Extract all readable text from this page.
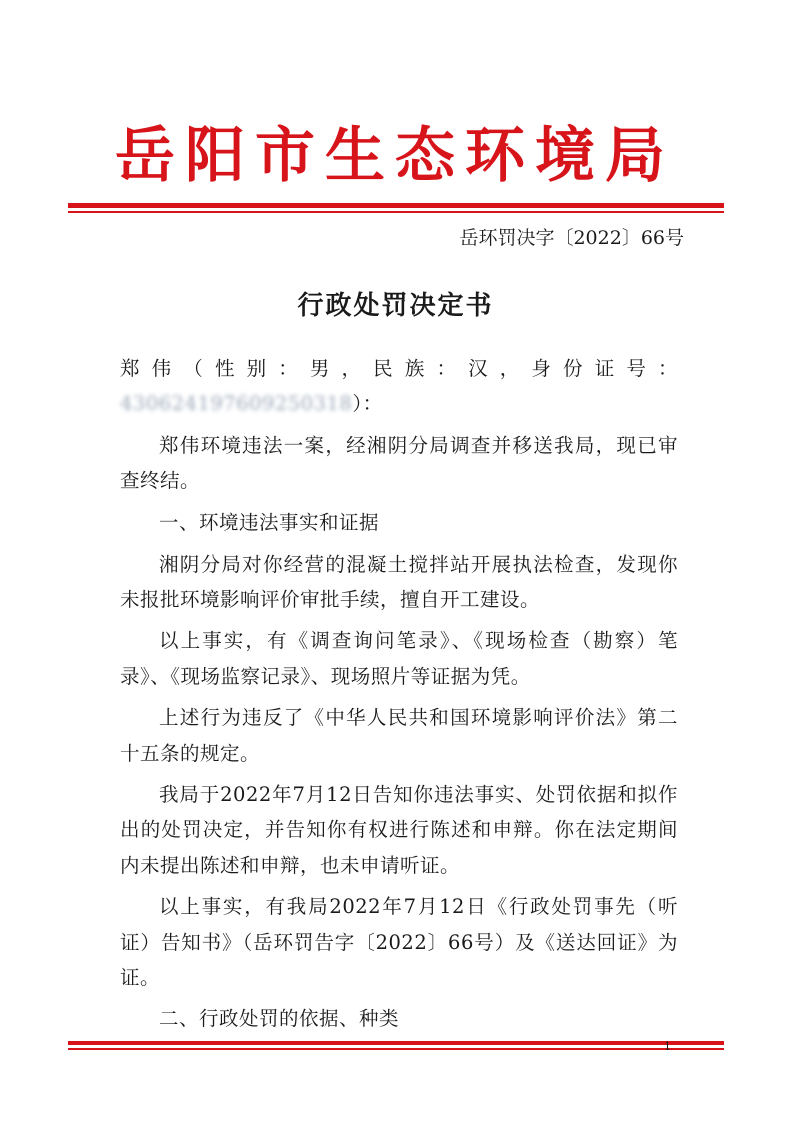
岳阳市生态环境局
岳环罚决字〔2022〕66号
行政处罚决定书

郑伟（性别：男，民族：汉，身份证号：430624197609250318）：

郑伟环境违法一案，经湘阴分局调查并移送我局，现已审查终结。

一、环境违法事实和证据

湘阴分局对你经营的混凝土搅拌站开展执法检查，发现你未报批环境影响评价审批手续，擅自开工建设。

以上事实，有《调查询问笔录》、《现场检查（勘察）笔录》、《现场监察记录》、现场照片等证据为凭。

上述行为违反了《中华人民共和国环境影响评价法》第二十五条的规定。

我局于2022年7月12日告知你违法事实、处罚依据和拟作出的处罚决定，并告知你有权进行陈述和申辩。你在法定期间内未提出陈述和申辩，也未申请听证。

以上事实，有我局2022年7月12日《行政处罚事先（听证）告知书》（岳环罚告字〔2022〕66号）及《送达回证》为证。

二、行政处罚的依据、种类

1
